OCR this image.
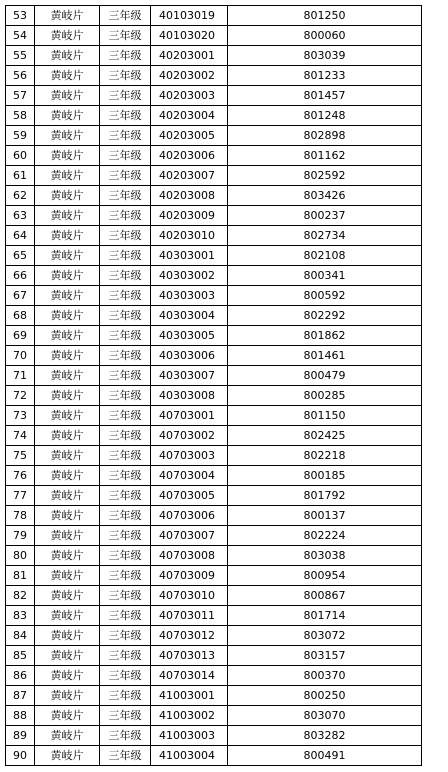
53	黄岐片	三年级	40103019	801250
54	黄岐片	三年级	40103020	800060
55	黄岐片	三年级	40203001	803039
56	黄岐片	三年级	40203002	801233
57	黄岐片	三年级	40203003	801457
58	黄岐片	三年级	40203004	801248
59	黄岐片	三年级	40203005	802898
60	黄岐片	三年级	40203006	801162
61	黄岐片	三年级	40203007	802592
62	黄岐片	三年级	40203008	803426
63	黄岐片	三年级	40203009	800237
64	黄岐片	三年级	40203010	802734
65	黄岐片	三年级	40303001	802108
66	黄岐片	三年级	40303002	800341
67	黄岐片	三年级	40303003	800592
68	黄岐片	三年级	40303004	802292
69	黄岐片	三年级	40303005	801862
70	黄岐片	三年级	40303006	801461
71	黄岐片	三年级	40303007	800479
72	黄岐片	三年级	40303008	800285
73	黄岐片	三年级	40703001	801150
74	黄岐片	三年级	40703002	802425
75	黄岐片	三年级	40703003	802218
76	黄岐片	三年级	40703004	800185
77	黄岐片	三年级	40703005	801792
78	黄岐片	三年级	40703006	800137
79	黄岐片	三年级	40703007	802224
80	黄岐片	三年级	40703008	803038
81	黄岐片	三年级	40703009	800954
82	黄岐片	三年级	40703010	800867
83	黄岐片	三年级	40703011	801714
84	黄岐片	三年级	40703012	803072
85	黄岐片	三年级	40703013	803157
86	黄岐片	三年级	40703014	800370
87	黄岐片	三年级	41003001	800250
88	黄岐片	三年级	41003002	803070
89	黄岐片	三年级	41003003	803282
90	黄岐片	三年级	41003004	800491
